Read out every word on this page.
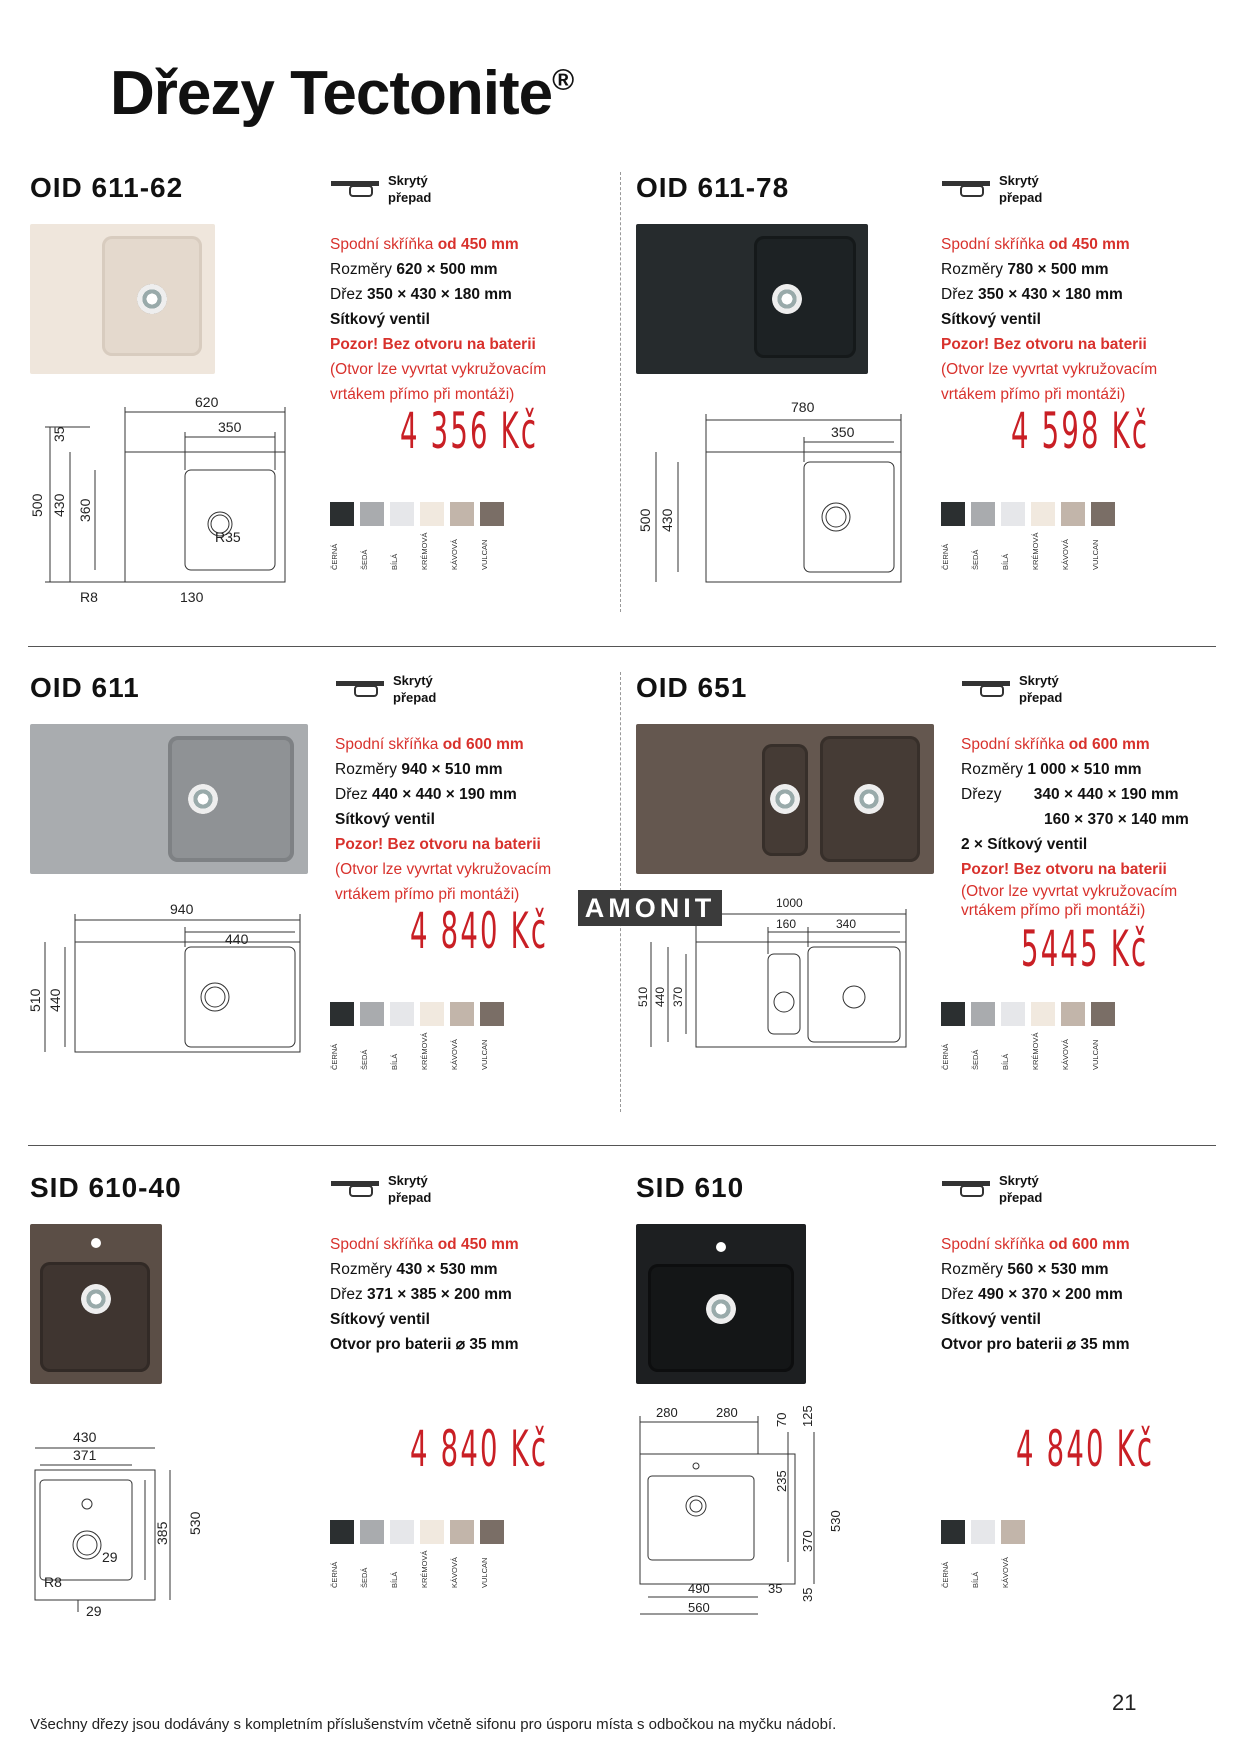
Dřezy Tectonite®
OID 611-62
620
350
R35
R8	130
500 430 360
35
Skrytý
přepad
Spodní skříňka od 450 mm
Rozměry 620 × 500 mm
Dřez 350 × 430 × 180 mm
Sítkový ventil
Pozor! Bez otvoru na baterii
(Otvor lze vyvrtat vykružovacím
vrtákem přímo při montáži)
4 356 Kč
ČERNÁ	ŠEDÁ	BÍLÁ	KRÉMOVÁ	KÁVOVÁ	VULCAN
OID 611-78
780
350
500 430
Skrytý
přepad
Spodní skříňka od 450 mm
Rozměry 780 × 500 mm
Dřez 350 × 430 × 180 mm
Sítkový ventil
Pozor! Bez otvoru na baterii
(Otvor lze vyvrtat vykružovacím
vrtákem přímo při montáži)
4 598 Kč
ČERNÁ	ŠEDÁ	BÍLÁ	KRÉMOVÁ	KÁVOVÁ	VULCAN
OID 611
940
440
510 440
Skrytý
přepad
Spodní skříňka od 600 mm
Rozměry 940 × 510 mm
Dřez 440 × 440 × 190 mm
Sítkový ventil
Pozor! Bez otvoru na baterii
(Otvor lze vyvrtat vykružovacím
vrtákem přímo při montáži)
4 840 Kč
ČERNÁ	ŠEDÁ	BÍLÁ	KRÉMOVÁ	KÁVOVÁ	VULCAN
OID 651
1000
160	340
510 440 370
Skrytý
přepad
Spodní skříňka od 600 mm
Rozměry 1 000 × 510 mm
Dřezy 340 × 440 × 190 mm
160 × 370 × 140 mm
2 × Sítkový ventil
Pozor! Bez otvoru na baterii
(Otvor lze vyvrtat vykružovacím
vrtákem přímo při montáži)
5445 Kč
ČERNÁ	ŠEDÁ	BÍLÁ	KRÉMOVÁ	KÁVOVÁ	VULCAN
SID 610-40
430
371
29
R8
29
385 530
Skrytý
přepad
Spodní skříňka od 450 mm
Rozměry 430 × 530 mm
Dřez 371 × 385 × 200 mm
Sítkový ventil
Otvor pro baterii ⌀ 35 mm
4 840 Kč
ČERNÁ	ŠEDÁ	BÍLÁ	KRÉMOVÁ	KÁVOVÁ	VULCAN
SID 610
280	280	70 125
235
370
530
35
490
560
35
Skrytý
přepad
Spodní skříňka od 600 mm
Rozměry 560 × 530 mm
Dřez 490 × 370 × 200 mm
Sítkový ventil
Otvor pro baterii ⌀ 35 mm
4 840 Kč
ČERNÁ	BÍLÁ	KÁVOVÁ
AMONIT
Všechny dřezy jsou dodávány s kompletním příslušenstvím včetně sifonu pro úsporu místa s odbočkou na myčku nádobí.
21
